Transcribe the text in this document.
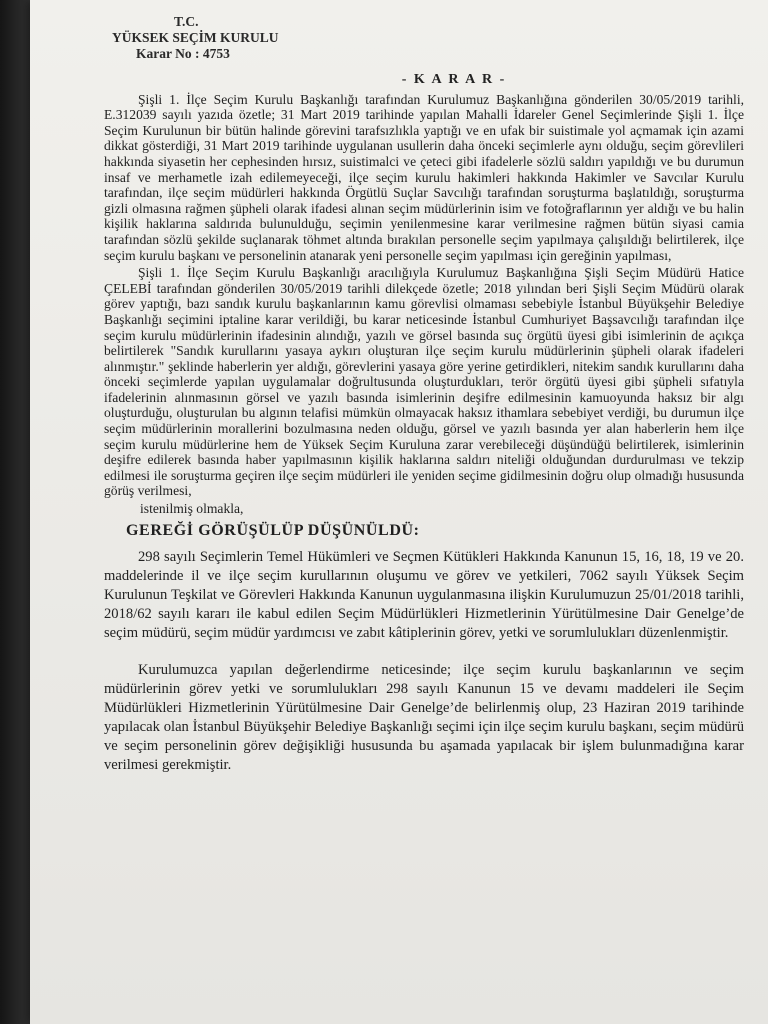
T.C.
YÜKSEK SEÇİM KURULU
Karar No : 4753
- K A R A R -

Şişli 1. İlçe Seçim Kurulu Başkanlığı tarafından Kurulumuz Başkanlığına gönderilen 30/05/2019 tarihli, E.312039 sayılı yazıda özetle; 31 Mart 2019 tarihinde yapılan Mahalli İdareler Genel Seçimlerinde Şişli 1. İlçe Seçim Kurulunun bir bütün halinde görevini tarafsızlıkla yaptığı ve en ufak bir suistimale yol açmamak için azami dikkat gösterdiği, 31 Mart 2019 tarihinde uygulanan usullerin daha önceki seçimlerle aynı olduğu, seçim görevlileri hakkında siyasetin her cephesinden hırsız, suistimalci ve çeteci gibi ifadelerle sözlü saldırı yapıldığı ve bu durumun insaf ve merhametle izah edilemeyeceği, ilçe seçim kurulu hakimleri hakkında Hakimler ve Savcılar Kurulu tarafından, ilçe seçim müdürleri hakkında Örgütlü Suçlar Savcılığı tarafından soruşturma başlatıldığı, soruşturma gizli olmasına rağmen şüpheli olarak ifadesi alınan seçim müdürlerinin isim ve fotoğraflarının yer aldığı ve bu halin kişilik haklarına saldırıda bulunulduğu, seçimin yenilenmesine karar verilmesine rağmen bütün siyasi camia tarafından sözlü şekilde suçlanarak töhmet altında bırakılan personelle seçim yapılmaya çalışıldığı belirtilerek, ilçe seçim kurulu başkanı ve personelinin atanarak yeni personelle seçim yapılması için gereğinin yapılması,

Şişli 1. İlçe Seçim Kurulu Başkanlığı aracılığıyla Kurulumuz Başkanlığına Şişli Seçim Müdürü Hatice ÇELEBİ tarafından gönderilen 30/05/2019 tarihli dilekçede özetle; 2018 yılından beri Şişli Seçim Müdürü olarak görev yaptığı, bazı sandık kurulu başkanlarının kamu görevlisi olmaması sebebiyle İstanbul Büyükşehir Belediye Başkanlığı seçimini iptaline karar verildiği, bu karar neticesinde İstanbul Cumhuriyet Başsavcılığı tarafından ilçe seçim kurulu müdürlerinin ifadesinin alındığı, yazılı ve görsel basında suç örgütü üyesi gibi isimlerinin de açıkça belirtilerek "Sandık kurullarını yasaya aykırı oluşturan ilçe seçim kurulu müdürlerinin şüpheli olarak ifadeleri alınmıştır." şeklinde haberlerin yer aldığı, görevlerini yasaya göre yerine getirdikleri, nitekim sandık kurullarını daha önceki seçimlerde yapılan uygulamalar doğrultusunda oluşturdukları, terör örgütü üyesi gibi şüpheli sıfatıyla ifadelerinin alınmasının görsel ve yazılı basında isimlerinin deşifre edilmesinin kamuoyunda haksız bir algı oluşturduğu, oluşturulan bu algının telafisi mümkün olmayacak haksız ithamlara sebebiyet verdiği, bu durumun ilçe seçim müdürlerinin morallerini bozulmasına neden olduğu, görsel ve yazılı basında yer alan haberlerin hem ilçe seçim kurulu müdürlerine hem de Yüksek Seçim Kuruluna zarar verebileceği düşündüğü belirtilerek, isimlerinin deşifre edilerek basında haber yapılmasının kişilik haklarına saldırı niteliği olduğundan durdurulması ve tekzip edilmesi ile soruşturma geçiren ilçe seçim müdürleri ile yeniden seçime gidilmesinin doğru olup olmadığı hususunda görüş verilmesi,

istenilmiş olmakla,

GEREĞİ GÖRÜŞÜLÜP DÜŞÜNÜLDÜ:

298 sayılı Seçimlerin Temel Hükümleri ve Seçmen Kütükleri Hakkında Kanunun 15, 16, 18, 19 ve 20. maddelerinde il ve ilçe seçim kurullarının oluşumu ve görev ve yetkileri, 7062 sayılı Yüksek Seçim Kurulunun Teşkilat ve Görevleri Hakkında Kanunun uygulanmasına ilişkin Kurulumuzun 25/01/2018 tarihli, 2018/62 sayılı kararı ile kabul edilen Seçim Müdürlükleri Hizmetlerinin Yürütülmesine Dair Genelge’de seçim müdürü, seçim müdür yardımcısı ve zabıt kâtiplerinin görev, yetki ve sorumlulukları düzenlenmiştir.

Kurulumuzca yapılan değerlendirme neticesinde; ilçe seçim kurulu başkanlarının ve seçim müdürlerinin görev yetki ve sorumlulukları 298 sayılı Kanunun 15 ve devamı maddeleri ile Seçim Müdürlükleri Hizmetlerinin Yürütülmesine Dair Genelge’de belirlenmiş olup, 23 Haziran 2019 tarihinde yapılacak olan İstanbul Büyükşehir Belediye Başkanlığı seçimi için ilçe seçim kurulu başkanı, seçim müdürü ve seçim personelinin görev değişikliği hususunda bu aşamada yapılacak bir işlem bulunmadığına karar verilmesi gerekmiştir.
